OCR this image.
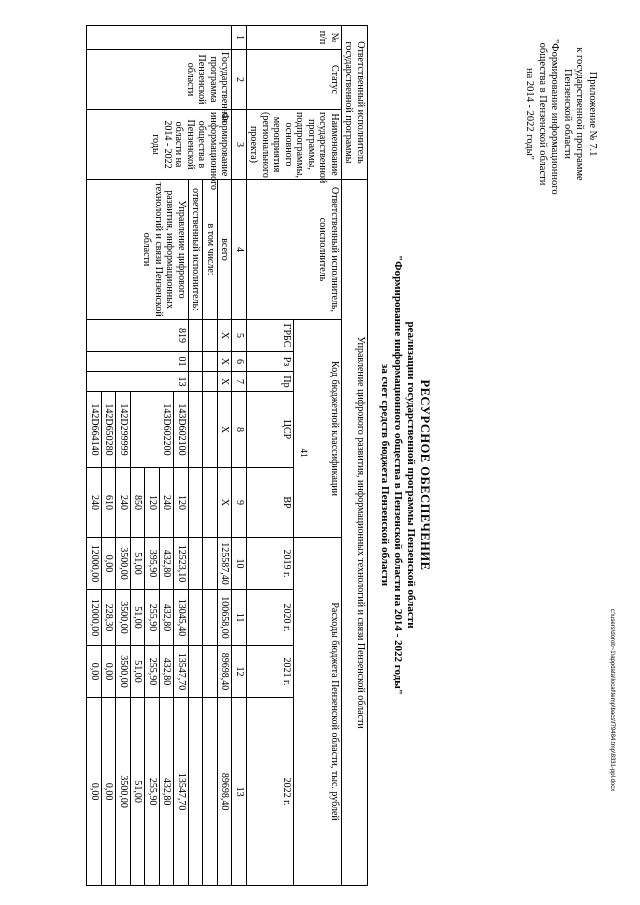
41
c:\users\dorob~1\appdata\local\temp\bacs\f79484.tmp\8331-ppl.docx
Приложение № 7.1
к государственной программе
Пензенской области
"Формирование информационного
общества в Пензенской области
на 2014 - 2022 годы"
РЕСУРСНОЕ ОБЕСПЕЧЕНИЕ
реализации государственной программы Пензенской области
"Формирование информационного общества в Пензенской области на 2014 - 2022 годы"
за счет средств бюджета Пензенской области
Ответственный исполнитель государственной программы			Управление цифрового развития, информационных технологий и связи Пензенской области									
№ п/п	Статус	Наименование государственной программы, подпрограммы, основного мероприятия (регионального проекта)	Ответственный исполнитель, соисполнитель	Код бюджетной классификации					Расходы бюджета Пензенской области, тыс. рублей			
				ГРБС	Рз	Пр	ЦСР	ВР	2019 г.	2020 г.	2021 г.	2022 г.
1	2	3	4	5	6	7	8	9	10	11	12	13
	Государственная программа Пензенской области	Формирование информационного общества в Пензенской области на 2014 - 2022 годы	всего	X	X	X	X	X	125587,40	100658,00	89698,40	89698,40
			в том числе:									
			ответственный исполнитель:									
			Управление цифрового развития, информационных технологий и связи Пензенской области	819	01	13	143D602100	120	12523,10	13045,40	13547,70	13547,70
							143D602200	240	432,80	432,80	432,80	432,80
								120	395,90	255,90	255,90	255,90
								850	51,00	51,00	51,00	51,00
							142D299999	240	3500,00	3500,00	3500,00	3500,00
							142D650280	610	0,00	228,30	0,00	0,00
							142D664140	240	12000,00	12000,00	0,00	0,00
